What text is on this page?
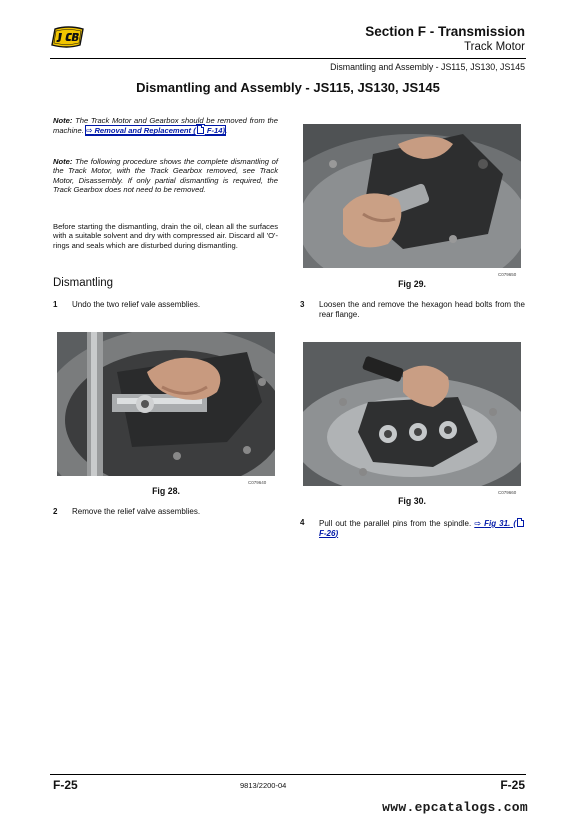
Section F - Transmission
Track Motor
Dismantling and Assembly - JS115, JS130, JS145
Dismantling and Assembly - JS115, JS130, JS145

Note: The Track Motor and Gearbox should be removed from the machine. ⇨ Removal and Replacement ( F-14).

Note: The following procedure shows the complete dismantling of the Track Motor, with the Track Gearbox removed, see Track Motor, Disassembly. If only partial dismantling is required, the Track Gearbox does not need to be removed.

Before starting the dismantling, drain the oil, clean all the surfaces with a suitable solvent and dry with compressed air. Discard all 'O'-rings and seals which are disturbed during dismantling.

Dismantling
1 Undo the two relief vale assemblies.
Fig 28.
C079640
2 Remove the relief valve assemblies.
Fig 29.
C079650
3 Loosen the and remove the hexagon head bolts from the rear flange.
Fig 30.
C079660
4 Pull out the parallel pins from the spindle. ⇨ Fig 31. ( F-26)
F-25	9813/2200-04	F-25
www.epcatalogs.com
